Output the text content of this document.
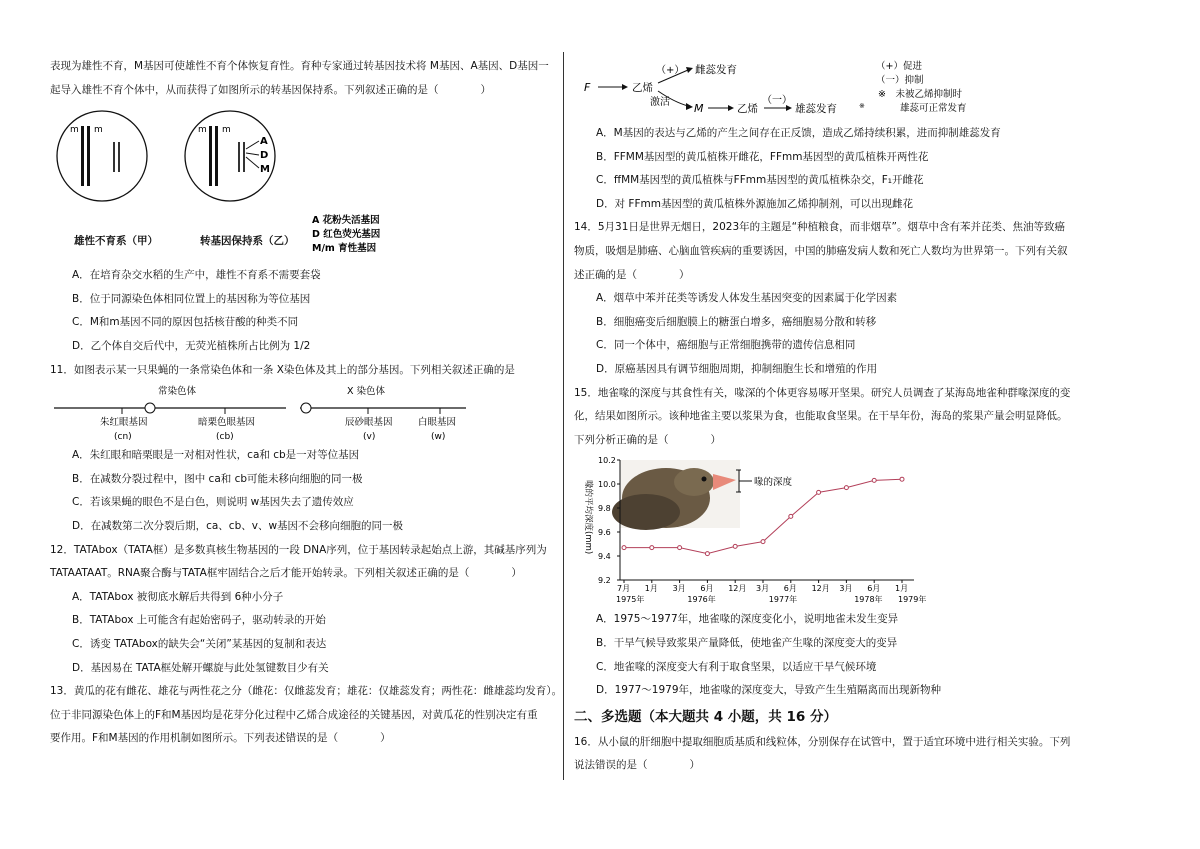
表现为雄性不育，M基因可使雄性不育个体恢复育性。育种专家通过转基因技术将 M基因、A基因、D基因一
起导入雄性不育个体中，从而获得了如图所示的转基因保持系。下列叙述正确的是（　　　　）
m m	m m
A
D
M
A 花粉失活基因
D 红色荧光基因
M/m 育性基因
雄性不育系（甲）	转基因保持系（乙）
A．在培育杂交水稻的生产中，雄性不育系不需要套袋
B．位于同源染色体相同位置上的基因称为等位基因
C．M和m基因不同的原因包括核苷酸的种类不同
D．乙个体自交后代中，无荧光植株所占比例为 1/2
11．如图表示某一只果蝇的一条常染色体和一条 X染色体及其上的部分基因。下列相关叙述正确的是
常染色体	X 染色体
朱红眼基因
(cn)
暗栗色眼基因
(cb)
辰砂眼基因
(v)
白眼基因
(w)
A．朱红眼和暗栗眼是一对相对性状，ca和 cb是一对等位基因
B．在减数分裂过程中，图中 ca和 cb可能未移向细胞的同一极
C．若该果蝇的眼色不是白色，则说明 w基因失去了遗传效应
D．在减数第二次分裂后期，ca、cb、v、w基因不会移向细胞的同一极
12．TATAbox（TATA框）是多数真核生物基因的一段 DNA序列，位于基因转录起始点上游，其碱基序列为
TATAATAAT。RNA聚合酶与TATA框牢固结合之后才能开始转录。下列相关叙述正确的是（　　　　）
A．TATAbox 被彻底水解后共得到 6种小分子
B．TATAbox 上可能含有起始密码子，驱动转录的开始
C．诱变 TATAbox的缺失会“关闭”某基因的复制和表达
D．基因易在 TATA框处解开螺旋与此处氢键数目少有关
13．黄瓜的花有雌花、雄花与两性花之分（雌花：仅雌蕊发育；雄花：仅雄蕊发育；两性花：雌雄蕊均发育）。
位于非同源染色体上的F和M基因均是花芽分化过程中乙烯合成途径的关键基因，对黄瓜花的性别决定有重
要作用。F和M基因的作用机制如图所示。下列表述错误的是（　　　　）
F	乙烯
（+） 雌蕊发育
激活 M	乙烯
（一）
雄蕊发育	※
（+）促进
（一）抑制
※　未被乙烯抑制时
雄蕊可正常发育
A．M基因的表达与乙烯的产生之间存在正反馈，造成乙烯持续积累，进而抑制雄蕊发育
B．FFMM基因型的黄瓜植株开雌花，FFmm基因型的黄瓜植株开两性花
C．ffMM基因型的黄瓜植株与FFmm基因型的黄瓜植株杂交，F₁开雌花
D．对 FFmm基因型的黄瓜植株外源施加乙烯抑制剂，可以出现雌花
14．5月31日是世界无烟日，2023年的主题是“种植粮食，而非烟草”。烟草中含有苯并芘类、焦油等致癌
物质，吸烟是肺癌、心脑血管疾病的重要诱因，中国的肺癌发病人数和死亡人数均为世界第一。下列有关叙
述正确的是（　　　　）
A．烟草中苯并芘类等诱发人体发生基因突变的因素属于化学因素
B．细胞癌变后细胞膜上的糖蛋白增多，癌细胞易分散和转移
C．同一个体中，癌细胞与正常细胞携带的遗传信息相同
D．原癌基因具有调节细胞周期，抑制细胞生长和增殖的作用
15．地雀喙的深度与其食性有关，喙深的个体更容易啄开坚果。研究人员调查了某海岛地雀种群喙深度的变
化，结果如图所示。该种地雀主要以浆果为食，也能取食坚果。在干旱年份，海岛的浆果产量会明显降低。
下列分析正确的是（　　　　）
喙的深度
10.2
10.0
9.8
9.6
9.4
9.2
喙的平均深度(mm)
7月 1月 3月 6月 12月 3月 6月 12月 3月 6月 1月
1975年	1976年	1977年	1978年 1979年
A．1975～1977年，地雀喙的深度变化小，说明地雀未发生变异
B．干旱气候导致浆果产量降低，使地雀产生喙的深度变大的变异
C．地雀喙的深度变大有利于取食坚果，以适应干旱气候环境
D．1977～1979年，地雀喙的深度变大，导致产生生殖隔离而出现新物种
二、多选题（本大题共 4 小题，共 16 分）
16．从小鼠的肝细胞中提取细胞质基质和线粒体，分别保存在试管中，置于适宜环境中进行相关实验。下列
说法错误的是（　　　　）
